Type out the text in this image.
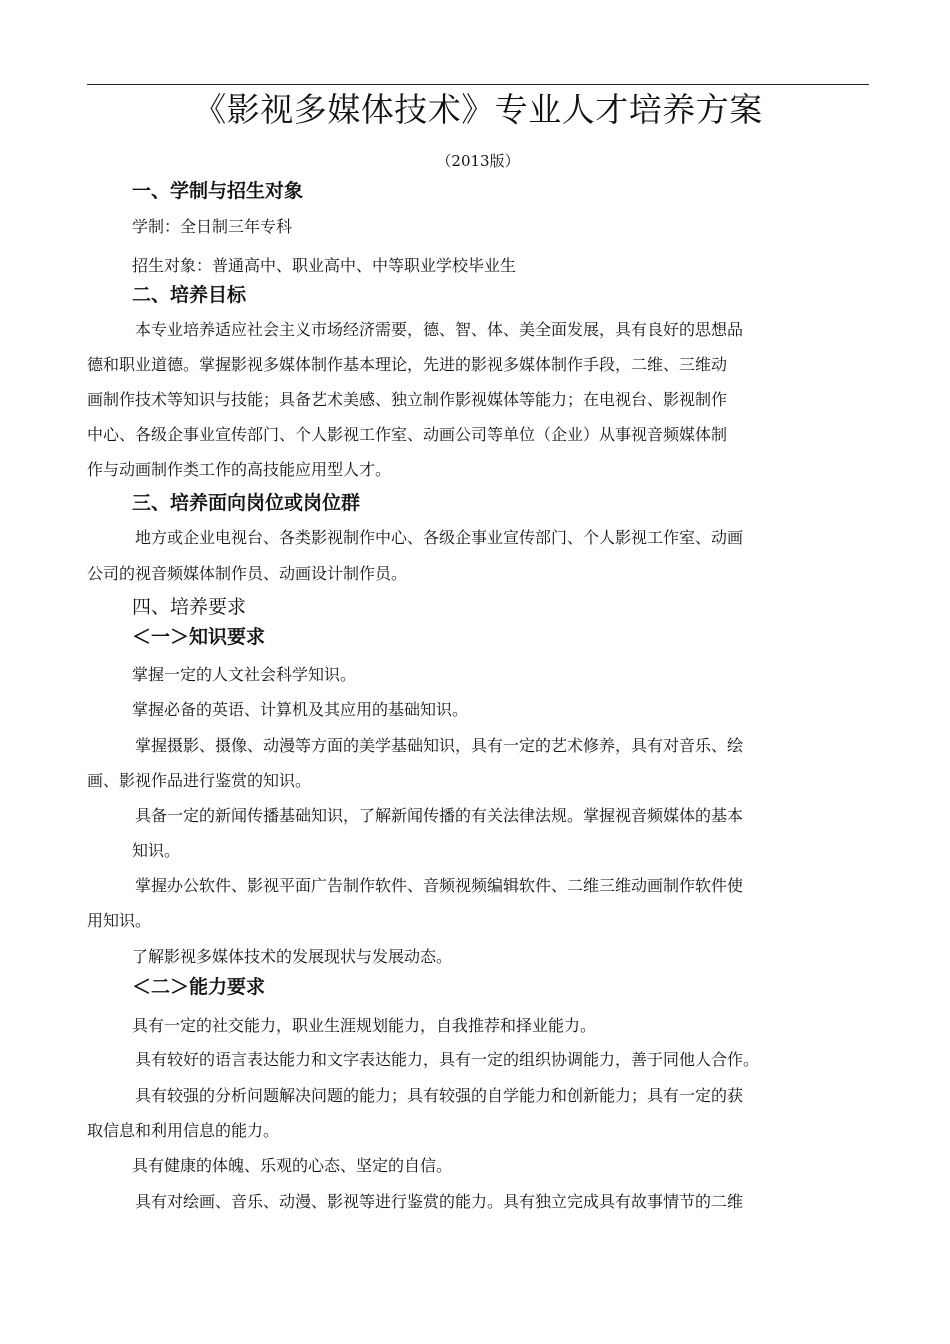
《影视多媒体技术》专业人才培养方案
（2013版）
一、学制与招生对象
学制：全日制三年专科
招生对象：普通高中、职业高中、中等职业学校毕业生
二、培养目标
本专业培养适应社会主义市场经济需要，德、智、体、美全面发展，具有良好的思想品
德和职业道德。掌握影视多媒体制作基本理论，先进的影视多媒体制作手段，二维、三维动
画制作技术等知识与技能；具备艺术美感、独立制作影视媒体等能力；在电视台、影视制作
中心、各级企事业宣传部门、个人影视工作室、动画公司等单位（企业）从事视音频媒体制
作与动画制作类工作的高技能应用型人才。
三、培养面向岗位或岗位群
地方或企业电视台、各类影视制作中心、各级企事业宣传部门、个人影视工作室、动画
公司的视音频媒体制作员、动画设计制作员。
四、培养要求
＜一＞知识要求
掌握一定的人文社会科学知识。
掌握必备的英语、计算机及其应用的基础知识。
掌握摄影、摄像、动漫等方面的美学基础知识，具有一定的艺术修养，具有对音乐、绘
画、影视作品进行鉴赏的知识。
具备一定的新闻传播基础知识，了解新闻传播的有关法律法规。掌握视音频媒体的基本
知识。
掌握办公软件、影视平面广告制作软件、音频视频编辑软件、二维三维动画制作软件使
用知识。
了解影视多媒体技术的发展现状与发展动态。
＜二＞能力要求
具有一定的社交能力，职业生涯规划能力，自我推荐和择业能力。
具有较好的语言表达能力和文字表达能力，具有一定的组织协调能力，善于同他人合作。
具有较强的分析问题解决问题的能力；具有较强的自学能力和创新能力；具有一定的获
取信息和利用信息的能力。
具有健康的体魄、乐观的心态、坚定的自信。
具有对绘画、音乐、动漫、影视等进行鉴赏的能力。具有独立完成具有故事情节的二维
